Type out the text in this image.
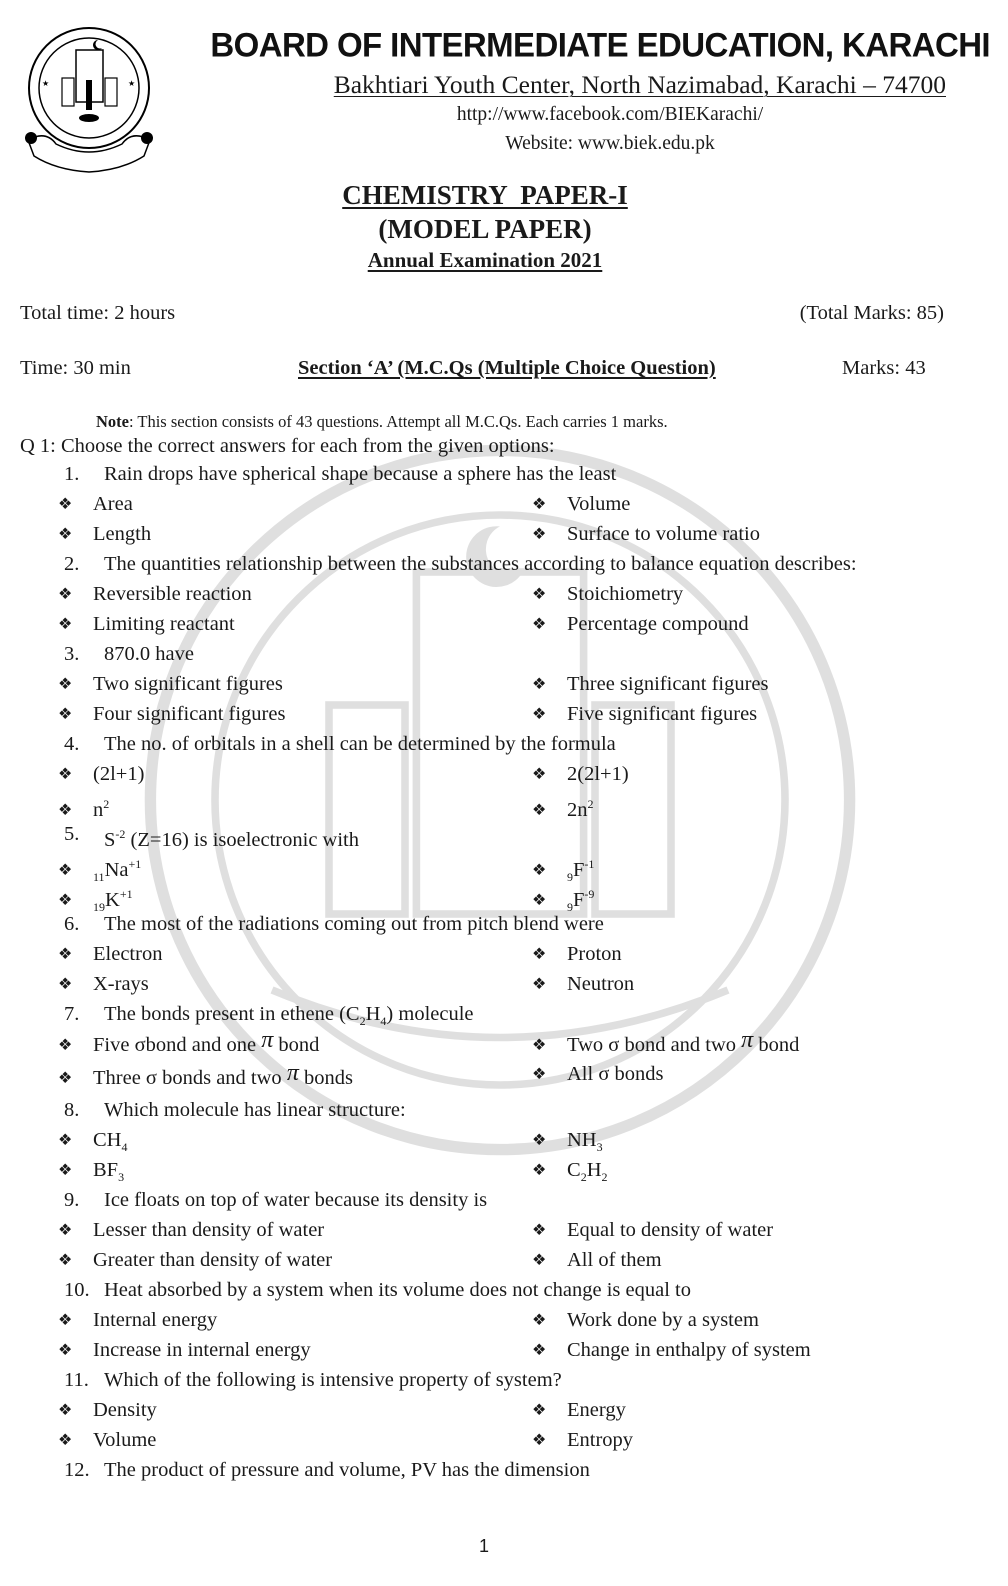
★	★
BOARD OF INTERMEDIATE EDUCATION, KARACHI
Bakhtiari Youth Center, North Nazimabad, Karachi – 74700
http://www.facebook.com/BIEKarachi/
Website: www.biek.edu.pk
CHEMISTRY  PAPER-I
(MODEL PAPER)
Annual Examination 2021
Total time: 2 hours	(Total Marks: 85)
Time: 30 min	Section ‘A’ (M.C.Qs (Multiple Choice Question)	Marks: 43
Note: This section consists of 43 questions. Attempt all M.C.Qs. Each carries 1 marks.
Q 1: Choose the correct answers for each from the given options:
1. Rain drops have spherical shape because a sphere has the least
❖ Area	❖ Volume
❖ Length	❖ Surface to volume ratio
2. The quantities relationship between the substances according to balance equation describes:
❖ Reversible reaction	❖ Stoichiometry
❖ Limiting reactant	❖ Percentage compound
3. 870.0 have
❖ Two significant figures	❖ Three significant figures
❖ Four significant figures	❖ Five significant figures
4. The no. of orbitals in a shell can be determined by the formula
❖ (2l+1)	❖ 2(2l+1)
❖ $n^2$	❖ $2n^2$
5. $S^{-2}$ (Z=16) is isoelectronic with
❖ $_{11}Na^{+1}$	❖ $_9F^{-1}$
❖ $_{19}K^{+1}$	❖ $_9F^{-9}$
6. The most of the radiations coming out from pitch blend were
❖ Electron	❖ Proton
❖ X-rays	❖ Neutron
7. The bonds present in ethene $(C_2H_4)$ molecule
❖ Five σbond and one π bond	❖ Two σ bond and two π bond
❖ Three σ bonds and two π bonds	❖ All σ bonds
8. Which molecule has linear structure:
❖ $CH_4$	❖ $NH_3$
❖ $BF_3$	❖ $C_2H_2$
9. Ice floats on top of water because its density is
❖ Lesser than density of water	❖ Equal to density of water
❖ Greater than density of water	❖ All of them
10. Heat absorbed by a system when its volume does not change is equal to
❖ Internal energy	❖ Work done by a system
❖ Increase in internal energy	❖ Change in enthalpy of system
11. Which of the following is intensive property of system?
❖ Density	❖ Energy
❖ Volume	❖ Entropy
12. The product of pressure and volume, PV has the dimension
1
